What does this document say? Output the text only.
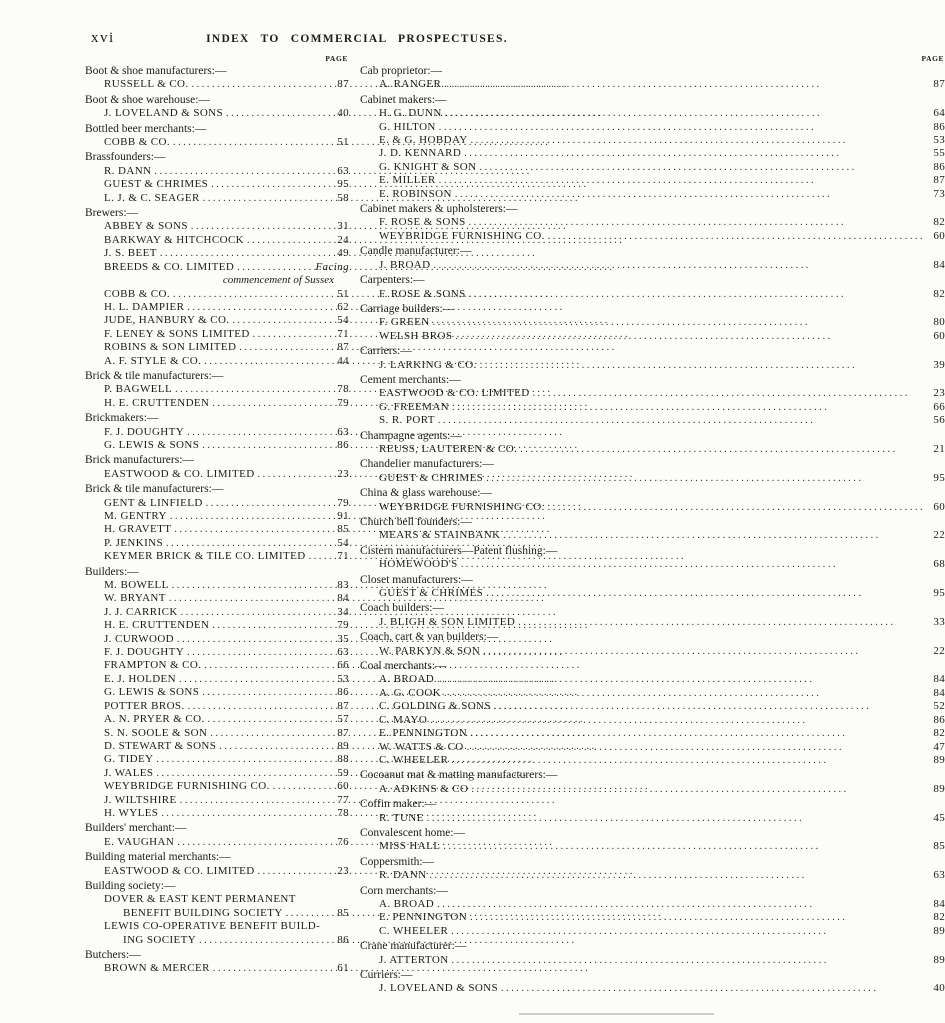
xvi	INDEX TO COMMERCIAL PROSPECTUSES.
PAGE
Boot & shoe manufacturers:—
RUSSELL & CO. .....	87
Boot & shoe warehouse:—
J. LOVELAND & SONS .....	40
Bottled beer merchants:—
COBB & CO. .....	51
Brassfounders:—
R. DANN .....	63
GUEST & CHRIMES .....	95
L. J. & C. SEAGER .....	58
Brewers:—
ABBEY & SONS .....	31
BARKWAY & HITCHCOCK .....	24
J. S. BEET .....	49
BREEDS & CO. LIMITED .....	Facing
commencement of Sussex
COBB & CO. .....	51
H. L. DAMPIER .....	62
JUDE, HANBURY & CO. .....	54
F. LENEY & SONS LIMITED .....	71
ROBINS & SON LIMITED .....	87
A. F. STYLE & CO. .....	44
Brick & tile manufacturers:—
P. BAGWELL .....	78
H. E. CRUTTENDEN .....	79
Brickmakers:—
F. J. DOUGHTY .....	63
G. LEWIS & SONS .....	86
Brick manufacturers:—
EASTWOOD & CO. LIMITED .....	23
Brick & tile manufacturers:—
GENT & LINFIELD .....	79
M. GENTRY .....	91
H. GRAVETT .....	85
P. JENKINS .....	54
KEYMER BRICK & TILE CO. LIMITED .....	71
Builders:—
M. BOWELL .....	83
W. BRYANT .....	84
J. J. CARRICK .....	34
H. E. CRUTTENDEN .....	79
J. CURWOOD .....	35
F. J. DOUGHTY .....	63
FRAMPTON & CO. .....	66
E. J. HOLDEN .....	53
G. LEWIS & SONS .....	86
POTTER BROS. .....	87
A. N. PRYER & CO. .....	57
S. N. SOOLE & SON .....	87
D. STEWART & SONS .....	89
G. TIDEY .....	88
J. WALES .....	59
WEYBRIDGE FURNISHING CO. .....	60
J. WILTSHIRE .....	77
H. WYLES .....	78
Builders' merchant:—
E. VAUGHAN .....	76
Building material merchants:—
EASTWOOD & CO. LIMITED .....	23
Building society:—
DOVER & EAST KENT PERMANENT
BENEFIT BUILDING SOCIETY .....	85
LEWIS CO-OPERATIVE BENEFIT BUILD-
ING SOCIETY .....	86
Butchers:—
BROWN & MERCER .....	61
PAGE
Cab proprietor:—
A. RANGER .....	87
Cabinet makers:—
H. G. DUNN .....	64
G. HILTON .....	86
E. & G. HOBDAY .....	53
J. D. KENNARD .....	55
G. KNIGHT & SON .....	86
E. MILLER .....	87
E. ROBINSON .....	73
Cabinet makers & upholsterers:—
F. ROSE & SONS .....	82
WEYBRIDGE FURNISHING CO. .....	60
Candle manufacturer:—
J. BROAD .....	84
Carpenters:—
F. ROSE & SONS .....	82
Carriage builders:—
F. GREEN .....	80
WELSH BROS .....	60
Carriers:—
J. LARKING & CO. .....	39
Cement merchants:—
EASTWOOD & CO. LIMITED .....	23
G. FREEMAN .....	66
S. R. PORT .....	56
Champagne agents:—
REUSS, LAUTEREN & CO. .....	21
Chandelier manufacturers:—
GUEST & CHRIMES .....	95
China & glass warehouse:—
WEYBRIDGE FURNISHING CO. .....	60
Church bell founders:—
MEARS & STAINBANK .....	22
Cistern manufacturers—Patent flushing:—
HOMEWOOD'S .....	68
Closet manufacturers:—
GUEST & CHRIMES .....	95
Coach builders:—
J. BLIGH & SON LIMITED .....	33
Coach, cart & van builders:—
W. PARKYN & SON .....	22
Coal merchants:—
A. BROAD .....	84
A. G. COOK .....	84
C. GOLDING & SONS .....	52
C. MAYO .....	86
E. PENNINGTON .....	82
W. WATTS & CO .....	47
C. WHEELER .....	89
Cocoanut mat & matting manufacturers:—
A. ADKINS & CO .....	89
Coffin maker:—
R. TUNE .....	45
Convalescent home:—
MISS HALL .....	85
Coppersmith:—
R. DANN .....	63
Corn merchants:—
A. BROAD .....	84
E. PENNINGTON .....	82
C. WHEELER .....	89
Crane manufacturer:—
J. ATTERTON .....	89
Curriers:—
J. LOVELAND & SONS .....	40
